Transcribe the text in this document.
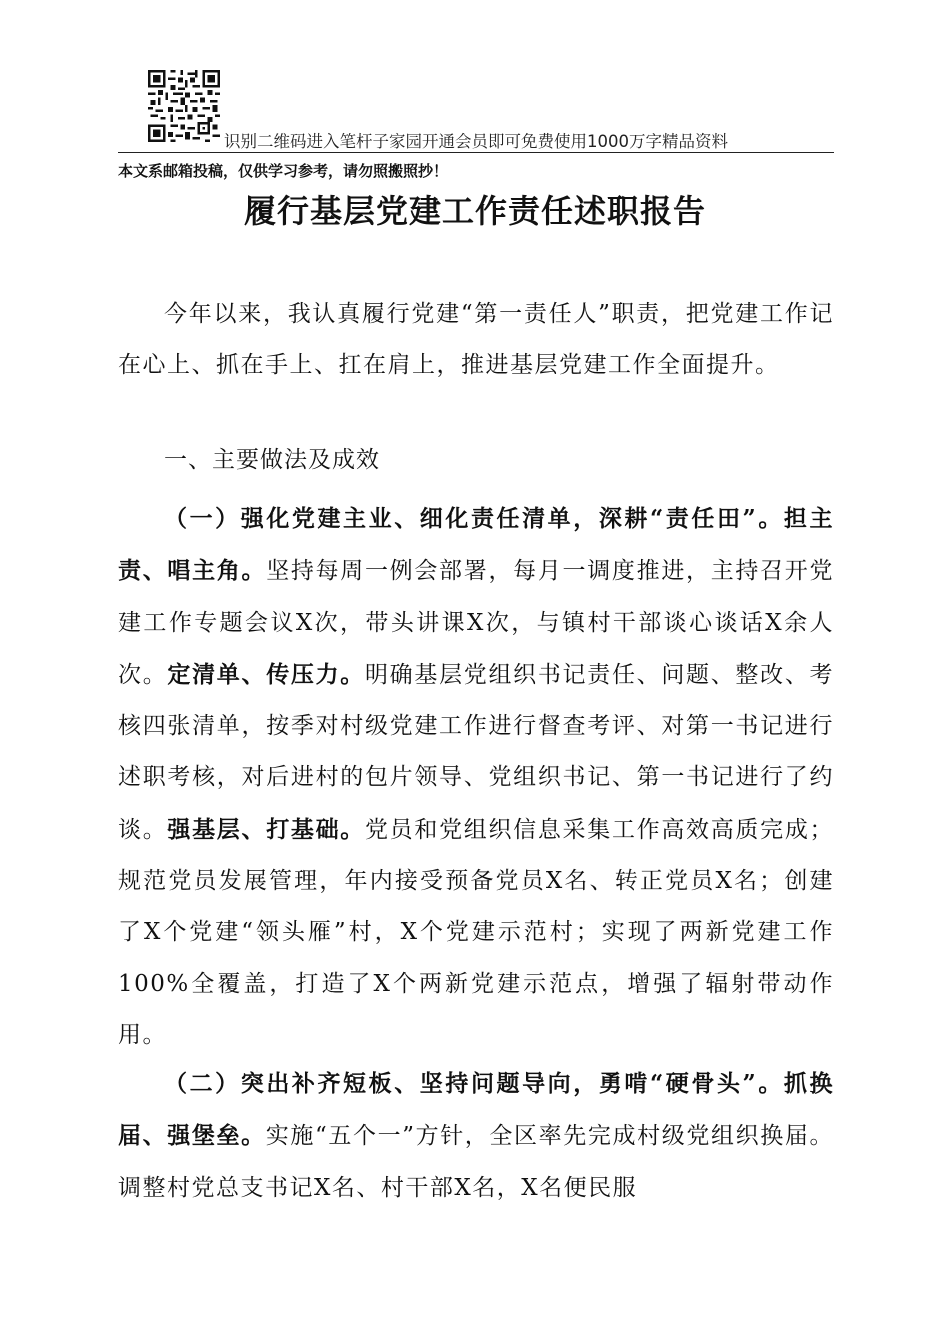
识别二维码进入笔杆子家园开通会员即可免费使用1000万字精品资料
本文系邮箱投稿，仅供学习参考，请勿照搬照抄！
履行基层党建工作责任述职报告
今年以来，我认真履行党建“第一责任人”职责，把党建工作记在心上、抓在手上、扛在肩上，推进基层党建工作全面提升。
一、主要做法及成效
（一）强化党建主业、细化责任清单，深耕“责任田”。担主责、唱主角。坚持每周一例会部署，每月一调度推进，主持召开党建工作专题会议X次，带头讲课X次，与镇村干部谈心谈话X余人次。定清单、传压力。明确基层党组织书记责任、问题、整改、考核四张清单，按季对村级党建工作进行督查考评、对第一书记进行述职考核，对后进村的包片领导、党组织书记、第一书记进行了约谈。强基层、打基础。党员和党组织信息采集工作高效高质完成；规范党员发展管理，年内接受预备党员X名、转正党员X名；创建了X个党建“领头雁”村，X个党建示范村；实现了两新党建工作100%全覆盖，打造了X个两新党建示范点，增强了辐射带动作用。
（二）突出补齐短板、坚持问题导向，勇啃“硬骨头”。抓换届、强堡垒。实施“五个一”方针，全区率先完成村级党组织换届。调整村党总支书记X名、村干部X名，X名便民服
